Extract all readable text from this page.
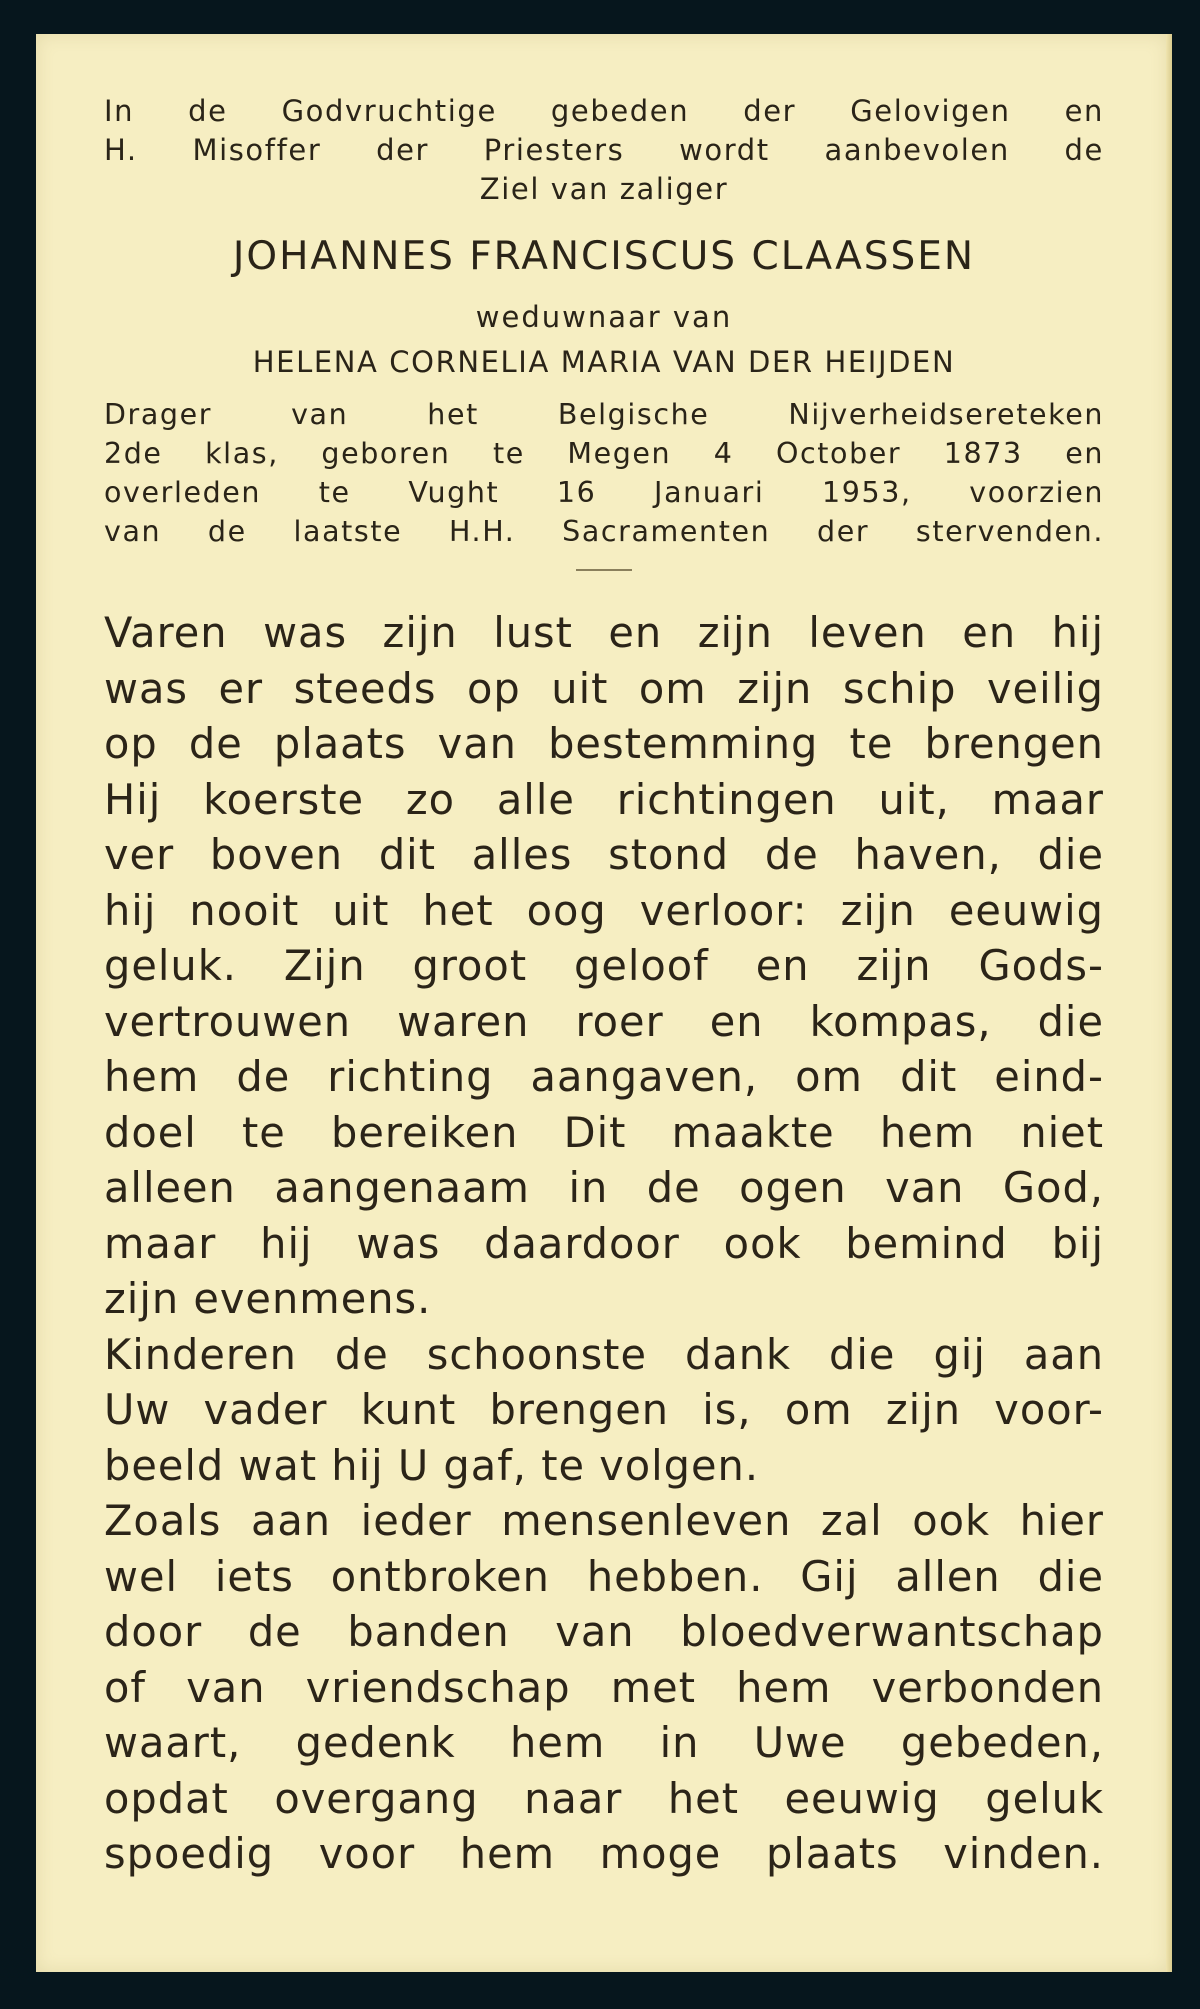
In de Godvruchtige gebeden der Gelovigen en
H. Misoffer der Priesters wordt aanbevolen de
Ziel van zaliger
JOHANNES FRANCISCUS CLAASSEN
weduwnaar van
HELENA CORNELIA MARIA VAN DER HEIJDEN
Drager van het Belgische Nijverheidsereteken
2de klas, geboren te Megen 4 October 1873 en
overleden te Vught 16 Januari 1953, voorzien
van de laatste H.H. Sacramenten der stervenden.
Varen was zijn lust en zijn leven en hij
was er steeds op uit om zijn schip veilig
op de plaats van bestemming te brengen
Hij koerste zo alle richtingen uit, maar
ver boven dit alles stond de haven, die
hij nooit uit het oog verloor: zijn eeuwig
geluk. Zijn groot geloof en zijn Gods-
vertrouwen waren roer en kompas, die
hem de richting aangaven, om dit eind-
doel te bereiken Dit maakte hem niet
alleen aangenaam in de ogen van God,
maar hij was daardoor ook bemind bij
zijn evenmens.
Kinderen de schoonste dank die gij aan
Uw vader kunt brengen is, om zijn voor-
beeld wat hij U gaf, te volgen.
Zoals aan ieder mensenleven zal ook hier
wel iets ontbroken hebben. Gij allen die
door de banden van bloedverwantschap
of van vriendschap met hem verbonden
waart, gedenk hem in Uwe gebeden,
opdat overgang naar het eeuwig geluk
spoedig voor hem moge plaats vinden.
